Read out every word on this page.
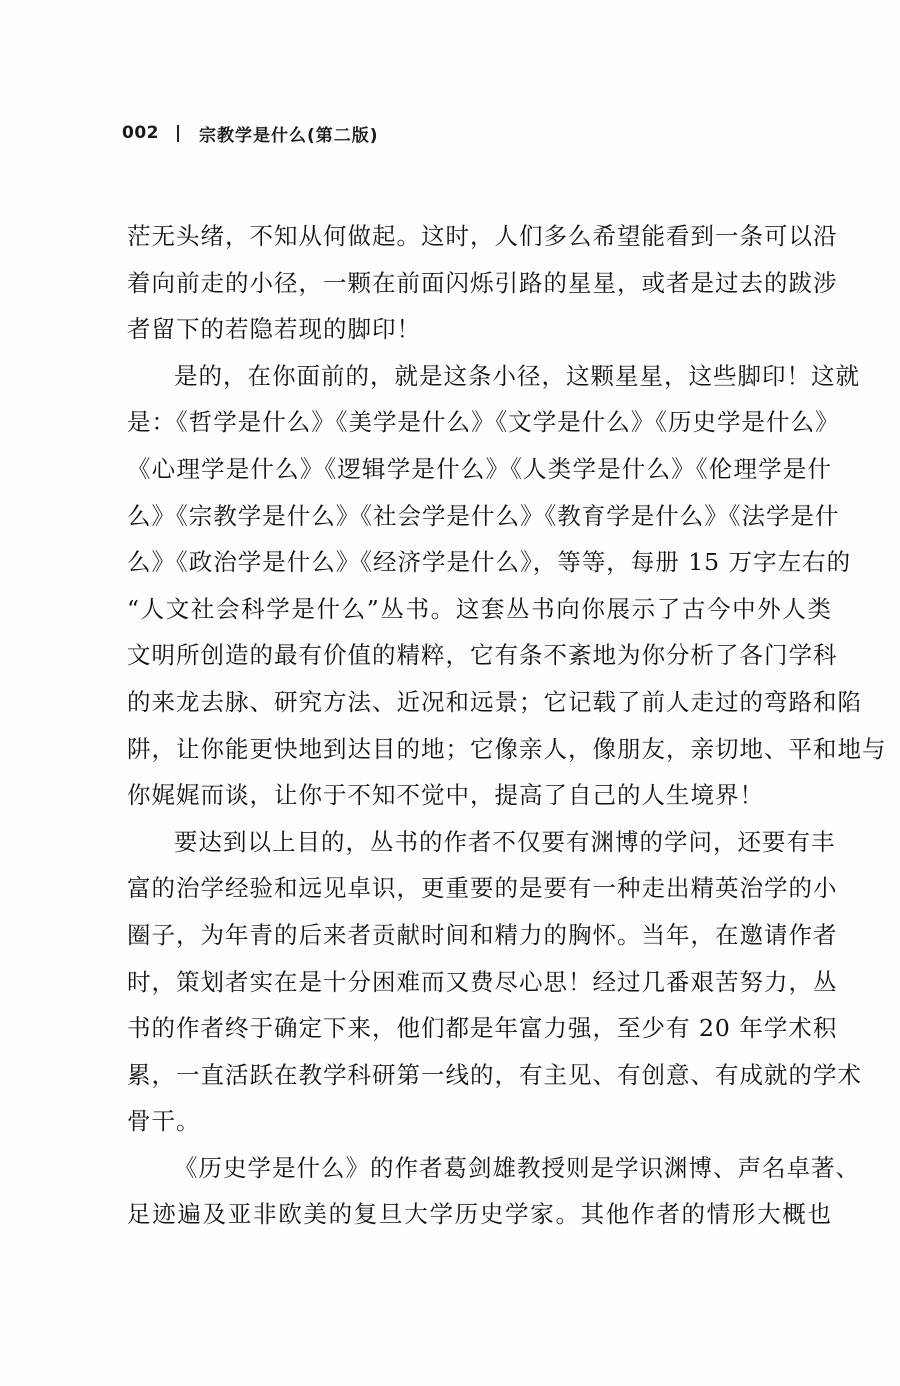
002 宗教学是什么(第二版)
茫无头绪，不知从何做起。这时，人们多么希望能看到一条可以沿
着向前走的小径，一颗在前面闪烁引路的星星，或者是过去的跋涉
者留下的若隐若现的脚印！
是的，在你面前的，就是这条小径，这颗星星，这些脚印！这就
是：《哲学是什么》《美学是什么》《文学是什么》《历史学是什么》
《心理学是什么》《逻辑学是什么》《人类学是什么》《伦理学是什
么》《宗教学是什么》《社会学是什么》《教育学是什么》《法学是什
么》《政治学是什么》《经济学是什么》，等等，每册 15 万字左右的
“人文社会科学是什么”丛书。这套丛书向你展示了古今中外人类
文明所创造的最有价值的精粹，它有条不紊地为你分析了各门学科
的来龙去脉、研究方法、近况和远景；它记载了前人走过的弯路和陷
阱，让你能更快地到达目的地；它像亲人，像朋友，亲切地、平和地与
你娓娓而谈，让你于不知不觉中，提高了自己的人生境界！
要达到以上目的，丛书的作者不仅要有渊博的学问，还要有丰
富的治学经验和远见卓识，更重要的是要有一种走出精英治学的小
圈子，为年青的后来者贡献时间和精力的胸怀。当年，在邀请作者
时，策划者实在是十分困难而又费尽心思！经过几番艰苦努力，丛
书的作者终于确定下来，他们都是年富力强，至少有 20 年学术积
累，一直活跃在教学科研第一线的，有主见、有创意、有成就的学术
骨干。
《历史学是什么》的作者葛剑雄教授则是学识渊博、声名卓著、
足迹遍及亚非欧美的复旦大学历史学家。其他作者的情形大概也
